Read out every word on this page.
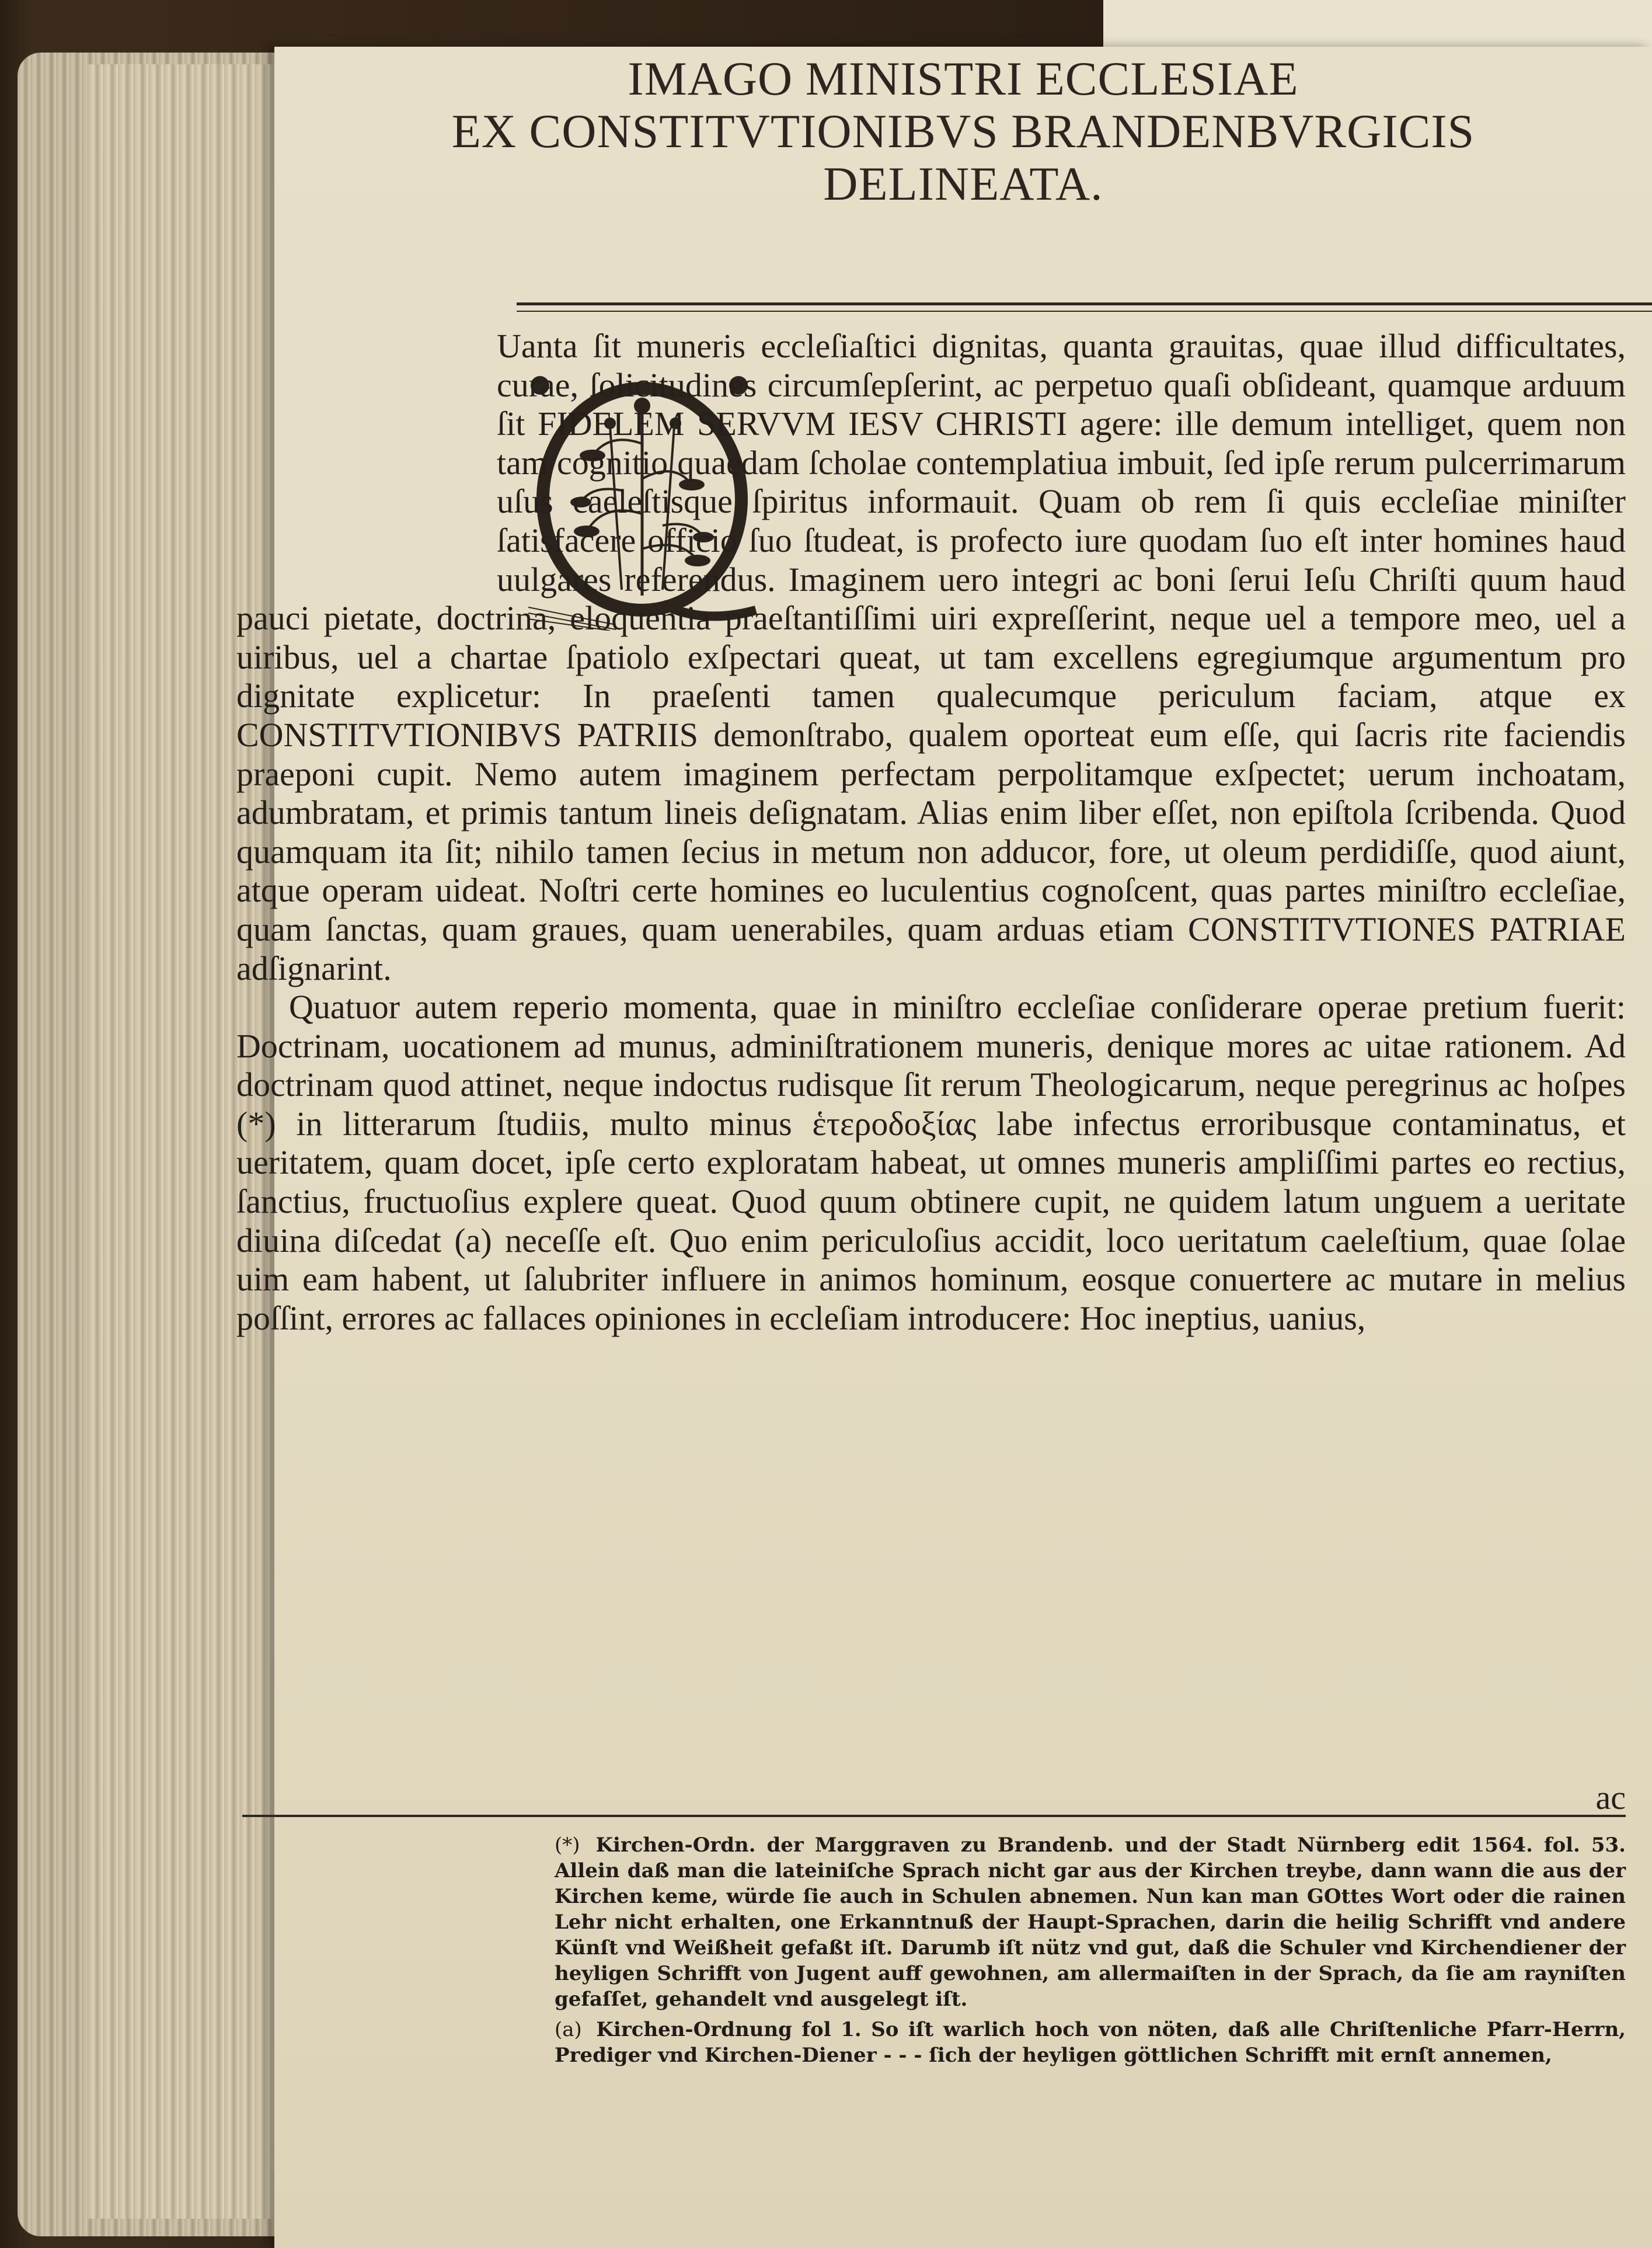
IMAGO MINISTRI ECCLESIAE
EX CONSTITVTIONIBVS BRANDENBVRGICIS
DELINEATA.

Uanta ſit muneris eccleſiaſtici dignitas, quanta grauitas, quae illud difficultates, curae, ſolicitudines circumſepſerint, ac perpetuo quaſi obſideant, quamque arduum ſit FIDELEM SERVVM IESV CHRISTI agere: ille demum intelliget, quem non tam cognitio quaedam ſcholae contemplatiua imbuit, ſed ipſe rerum pulcerrimarum uſus caeleſtisque ſpiritus informauit. Quam ob rem ſi quis eccleſiae miniſter ſatisfacere officio ſuo ſtudeat, is profecto iure quodam ſuo eſt inter homines haud uulgares referendus. Imaginem uero integri ac boni ſerui Ieſu Chriſti quum haud pauci pietate, doctrina, eloquentia praeſtantiſſimi uiri expreſſerint, neque uel a tempore meo, uel a uiribus, uel a chartae ſpatiolo exſpectari queat, ut tam excellens egregiumque argumentum pro dignitate explicetur: In praeſenti tamen qualecumque periculum faciam, atque ex CONSTITVTIONIBVS PATRIIS demonſtrabo, qualem oporteat eum eſſe, qui ſacris rite faciendis praeponi cupit. Nemo autem imaginem perfectam perpolitamque exſpectet; uerum inchoatam, adumbratam, et primis tantum lineis deſignatam. Alias enim liber eſſet, non epiſtola ſcribenda. Quod quamquam ita ſit; nihilo tamen ſecius in metum non adducor, fore, ut oleum perdidiſſe, quod aiunt, atque operam uideat. Noſtri certe homines eo luculentius cognoſcent, quas partes miniſtro eccleſiae, quam ſanctas, quam graues, quam uenerabiles, quam arduas etiam CONSTITVTIONES PATRIAE adſignarint.

Quatuor autem reperio momenta, quae in miniſtro eccleſiae conſiderare operae pretium fuerit: Doctrinam, uocationem ad munus, adminiſtrationem muneris, denique mores ac uitae rationem. Ad doctrinam quod attinet, neque indoctus rudisque ſit rerum Theologicarum, neque peregrinus ac hoſpes (*) in litterarum ſtudiis, multo minus ἑτεροδοξίας labe infectus erroribusque contaminatus, et ueritatem, quam docet, ipſe certo exploratam habeat, ut omnes muneris ampliſſimi partes eo rectius, ſanctius, fructuoſius explere queat. Quod quum obtinere cupit, ne quidem latum unguem a ueritate diuina diſcedat (a) neceſſe eſt. Quo enim periculoſius accidit, loco ueritatum caeleſtium, quae ſolae uim eam habent, ut ſalubriter influere in animos hominum, eosque conuertere ac mutare in melius poſſint, errores ac fallaces opiniones in eccleſiam introducere: Hoc ineptius, uanius,

ac

(*) Kirchen-Ordn. der Marggraven zu Brandenb. und der Stadt Nürnberg edit 1564. fol. 53. Allein daß man die lateiniſche Sprach nicht gar aus der Kirchen treybe, dann wann die aus der Kirchen keme, würde ſie auch in Schulen abnemen. Nun kan man GOttes Wort oder die rainen Lehr nicht erhalten, one Erkanntnuß der Haupt-Sprachen, darin die heilig Schrifft vnd andere Künſt vnd Weißheit gefaßt iſt. Darumb iſt nütz vnd gut, daß die Schuler vnd Kirchendiener der heyligen Schrifft von Jugent auff gewohnen, am allermaiſten in der Sprach, da ſie am rayniſten gefaſſet, gehandelt vnd ausgelegt iſt.

(a) Kirchen-Ordnung fol 1. So iſt warlich hoch von nöten, daß alle Chriſtenliche Pfarr-Herrn, Prediger vnd Kirchen-Diener - - - ſich der heyligen göttlichen Schrifft mit ernſt annemen,
